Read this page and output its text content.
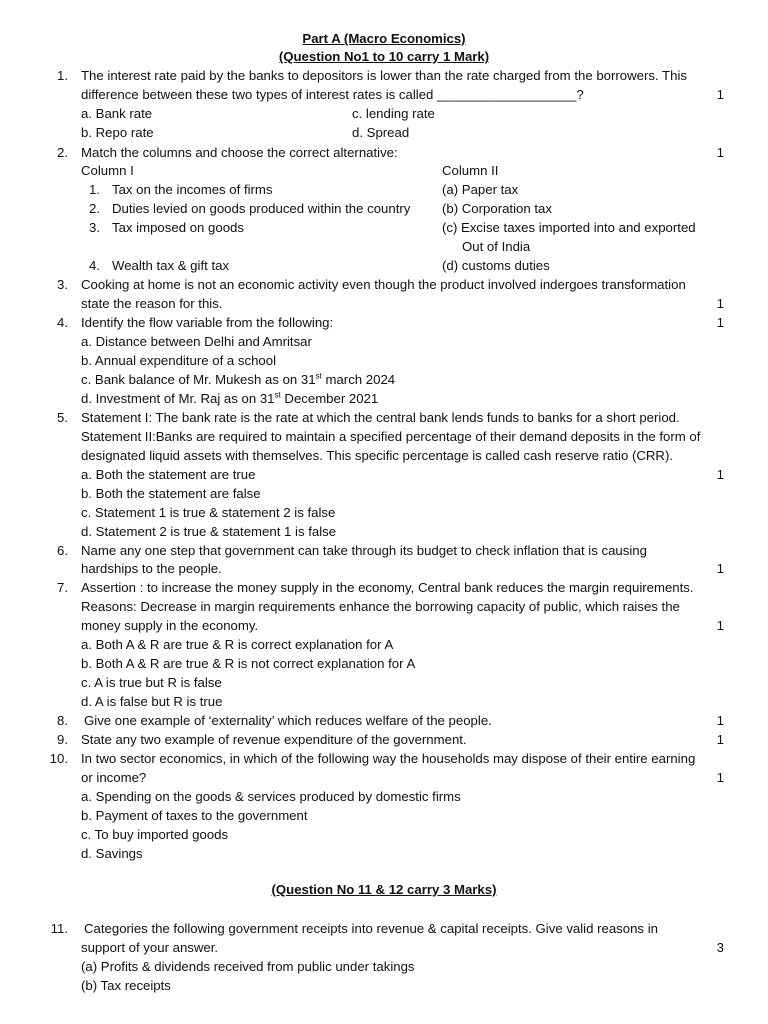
Part A (Macro Economics)
(Question No1 to 10 carry 1 Mark)
1. The interest rate paid by the banks to depositors is lower than the rate charged from the borrowers. This
difference between these two types of interest rates is called ___________________?	1
a. Bank rate	c. lending rate
b. Repo rate	d. Spread
2. Match the columns and choose the correct alternative:	1
Column I	Column II
1. Tax on the incomes of firms	(a) Paper tax
2. Duties levied on goods produced within the country (b) Corporation tax
3. Tax imposed on goods	(c) Excise taxes imported into and exported
Out of India
4. Wealth tax & gift tax	(d) customs duties
3. Cooking at home is not an economic activity even though the product involved indergoes transformation
state the reason for this.	1
4. Identify the flow variable from the following:	1
a. Distance between Delhi and Amritsar
b. Annual expenditure of a school
c. Bank balance of Mr. Mukesh as on 31st march 2024
d. Investment of Mr. Raj as on 31st December 2021
5. Statement I: The bank rate is the rate at which the central bank lends funds to banks for a short period.
Statement II:Banks are required to maintain a specified percentage of their demand deposits in the form of
designated liquid assets with themselves. This specific percentage is called cash reserve ratio (CRR).
1
a. Both the statement are true
b. Both the statement are false
c. Statement 1 is true & statement 2 is false
d. Statement 2 is true & statement 1 is false
6. Name any one step that government can take through its budget to check inflation that is causing
hardships to the people.	1
7. Assertion : to increase the money supply in the economy, Central bank reduces the margin requirements.
Reasons: Decrease in margin requirements enhance the borrowing capacity of public, which raises the
money supply in the economy.	1
a. Both A & R are true & R is correct explanation for A
b. Both A & R are true & R is not correct explanation for A
c. A is true but R is false
d. A is false but R is true
8. Give one example of ‘externality’ which reduces welfare of the people.	1
9. State any two example of revenue expenditure of the government.	1
10. In two sector economics, in which of the following way the households may dispose of their entire earning
or income?	1
a. Spending on the goods & services produced by domestic firms
b. Payment of taxes to the government
c. To buy imported goods
d. Savings
(Question No 11 & 12 carry 3 Marks)
11. Categories the following government receipts into revenue & capital receipts. Give valid reasons in
support of your answer.	3
(a) Profits & dividends received from public under takings
(b) Tax receipts
